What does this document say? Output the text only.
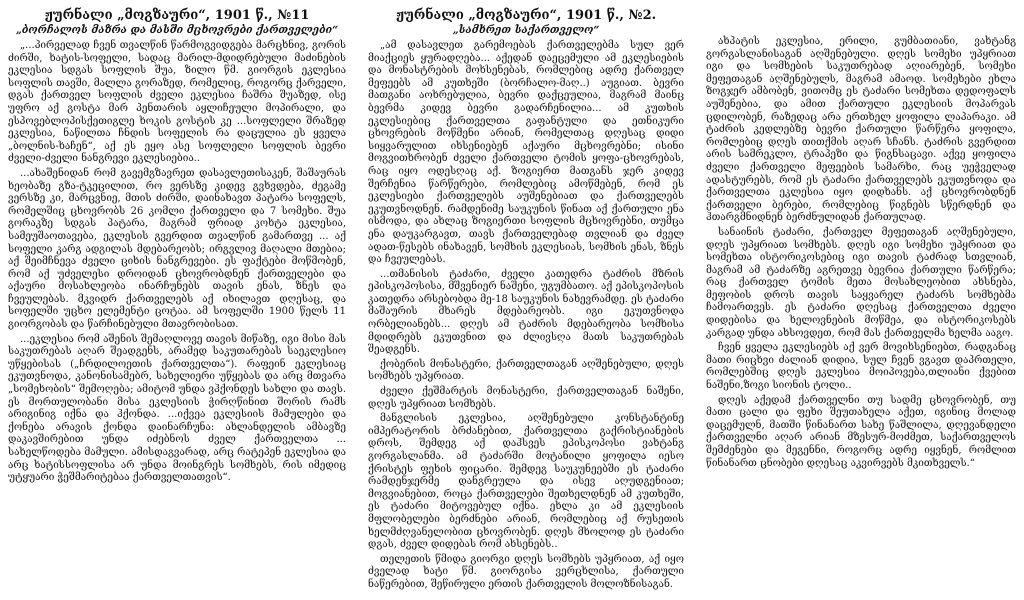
ჟურნალი „მოგზაური“, 1901 წ., №11
„ბორჩალოს მაზრა და მასში მცხოვრები ქართველები“

„...პირველად ჩვენ თვალწინ წარმოგვიდგება მარცხნივ, გორის ძირში, ხატის-სოფელი, სადაც მარილ-მდიდრებული მაძინების ეკლესია სდგას სოფლის შუა, ზილო წმ. გიორგის ეკლესია სოფლის თავში, მალლა გორაზედ, რომელიც, როგორც ქარველი, დგას ქართველ სოფლის ძველი ეკლესია ჩაშრა შუაზედ, ისე უფრო აქ გოსტა მარ პენთარის აყლიჩეული მოპირალი, და ესპოვებლოპისქეთიგლე ხოკის გოსტის კე ...სოფლელი შრაზედ ეკლესია, ნაწილთა ჩნდის სოფელის რა დაცულია ეს ყველა „ბოლნის-ხაჩენ“, აქ ეს ეყო ასე სოფლელი სოფლის ბევრი ძველი-ძველი ნანგრევი ეკლესიებია..

...ახაშენიდან რომ გავემგზავრეთ დასავლეთისაკენ, შაშაურას ხეობაზე გზა-ტკეცილით, რო ვერსზე კიდევ გვხვდება, ძეგამე ვერსზე კი, მარცვნიე, მთის ძირში, დაინახავთ პატარა სოფელს, რომელშიც ცხოვრობს 26 კომლი ქართველი და 7 სომეხი. შუა გორაკზე სდგას პატარა, მაგრამ ფრიად კოხტა ეკლესია, სამეუშაოთავება, ეკლესის გვერდით თვალწინ გამართვე ... აქ სოფელი კარგ ადგილას მდებარეობს; ირგვლივ მაღალი მთებია; აქ შეიმჩნევა ძველი ციხის ნანგრევები. ეს ფაქტები მოწმობენ, რომ აქ უძველესი დროიდან ცხოვრობდნენ ქართველები და აქაური მოსახლეობა ინარჩუნებს თავის ენას, ზნეს და ჩვეულებას. მკვიდრ ქართველებს აქ იხილავთ დღესაც, და სოფელში უცხო ელემენტი ცოტაა. ამ სოფელში 1900 წელს 11 გიორგობას და წარჩინებული მთავრობისათ.

...ეკლესია რომ აშენის შემაღლოვე თავის მიწაზე, იგი მისი მას საკუთრებას აღარ შეადგენს, არამედ საკუთარებას საეკლესიო უწყებისას („ჩრდილოეთის ქართველთა“). რაფეინ ეკლესიაც ეკუთვნოდა, კანონისამებრ, სახელიერი უწყებას და არც მთვარა „სომეხობის“ შემოღება; ამიტომ უნდა ვჰქონდეს სახლი და თავს. ეს მორთულობანი მისა ეკლესიის ჭირღწინით შორის რამს არიგინიგ იქნა და ჰქონდა. ...იქვეა ეკლესიის მამულები და ქონება არავის ქონდა დაინარჩუნა: ახლანდელის ამბავზე დაკავშირებით უნდა იძებნოს ძველ ქართველთა ... სახელწოდება მამული. ამისდაგვარად, არც რატეპენ ეკლესია და არც ხატისსოფლისა არ უნდა მოინგრეს სომხებს, რის იმედიც უტყუარი ჭეშმარიტებაა ქართველთათვის“.

ჟურნალი „მოგზაური“, 1901 წ., №2.
„სამხრეთ საქართველო“

„ამ დასავლეთ გარემოებას ქართველებმა სულ ვერ მიაქციეს ყურადღება... აქედან დაეცემული ამ ეკლესიების და მონასტრების მოხსენებას, რომლებიც ადრე ქართველ მეფეებს ამ კუთხეში (ბორჩალო-მაღ..) აუგიათ. ბევრი მათგანი აოხრებულია, ბევრი დაქცეულია, მაგრამ მაინც ბევრმა კიდევ ბევრი გადარჩენილია... ამ კუთხის ეკლესიებიც ქართველთა გაფანტული და ეთნიკური ცხოვრების მოწმენი არიან, რომელთაც დღესაც დიდი სიყვარულით იხსენიებენ აქაური მცხოვრებნი; ისინი მოგვითხრობენ ძველი ქართველი ტომის ყოფა-ცხოვრებას, რაც იყო ოდესღაც აქ. ზოგიერთ მათგანს ჯერ კიდევ შერჩენია წარწერები, რომლებიც ამოწმებენ, რომ ეს ეკლესიები ქართველებს აუშენებიათ და ქართველებს ეკუთვნოდნენ. რამდენიმე საუკუნის წინათ აქ ქართული ენა ისმოდა, და ახლაც ზოგიერთი სოფლის მცხოვრებნი, თუმცა ენა დაუკარგავთ, თავს ქართველებად თვლიან და ძველ ადათ-წესებს ინახავენ, სომხის ეკლესიას, სომხის ენას, ზნეს და ჩვეულებას.

...თმანისის ტაძარი, ძველი კათედრა ტაძრის მზრის ეპისკოპოსისა, მშვენიერ ნაშენი, უგუმბათო. აქ ეპისკოპოსის კათედრა არსებობდა მე-18 საუკუნის ნახევრამდე. ეს ტაძარი მაშაურის მხარეს მდებარეობს. იგი ეკუთვნოდა ორბელიანებს... დღეს ამ ტაძრის მდებარეობა სომხისა მდიდრებს ეკუთვნით და ძლივსღა მათს საკუთრებას შეადგენს.

ქობერის მონასტერი, ქართველთაგან აღშენებული, დღეს სომხებს უპყრიათ.

ძველი ქეშმარტის მონასტერი, ქართველთაგან ნაშენი, დღეს უპყრიათ სომხებს.

მანგლისის ეკლესია, აღშენებული კონსტანტინე იმპერატორის ბრძანებით, ქართველთა გაქრისტიანების დროს, შემდეგ აქ დაჰსვეს ეპისკოპოსი ვახტანგ გორგასლანმა. ამ ტაძარში მოტანილი ყოფილა იესო ქრისტეს ფეხის ფიცარი. შემდეგ საუკუნეებში ეს ტაძარი რამდენჯერმე დანგრეულა და ისევ აღუდგენიათ; მოგვიანებით, როცა ქართველები შეთხელდნენ ამ კუთხეში, ეს ტაძარი მიტოვებულ იქნა. ეხლა კი ამ ეკლესიის მფლობელები ბერძნები არიან, რომლებიც აქ რუსეთის ხელმძღვანელობით ცხოვრობენ. დღეს მხოლოდ ეს ტაძარი დგას, ძველ დიდებას რომ ახსენებს..

თელეთის წმიდა გიორგი დღეს სომხებს უპყრიათ, აქ იყო ძველად ხატი წმ. გიორგისა ვერცხლისა, ქართული ნაწერებით, შეწირული ერთის ქართველის მოლოზნისაგან.

ახპატის ეკლესია, ერილი, გუმბათიანი, ვახტანგ გორგასლანისაგან აღშენებული. დღეს სომეხი უპყრიათ იგი და სომხების საკუთრებად აღიარებენ, სომეხი მეფეთაგან აღშენებულს, მაგრამ ამაოდ. სომეხები ეხლა ზოგჯერ ამბობენ, ვითომც ეს ტაძარი სომეხთა დედოფალს აუშენებია, და ამით ქართული ეკლესიის მოპარვას ცდილობენ, რაზედაც არა ერთხელ ყოფილა ლაპარაკი. ამ ტაძრის კედლებზე ბევრი ქართული წარწერა ყოფილა, რომლებიც დღეს თითქმის აღარ სჩანს. ტაძრის გვერდით არის სამრეკლო, ტრაპეზი და წიგნსაცავი. აქვე ყოფილა ძველი ქართველი მეფეების სამარხი, რაც უეჭველად ადასტურებს, რომ ეს ტაძარი ქართველებს ეკუთვნოდა და ქართველთა ეკლესია იყო დიდხანს. აქ ცხოვრობდნენ ქართველი ბერები, რომლებიც წიგნებს სწერდნენ და ჰთარგმნიდნენ ბერძნულიდან ქართულად.

სანაინის ტაძარი, ქართველ მეფეთაგან აღშენებული, დღეს უპყრიათ სომხებს. დღეს იგი სომეხი უპყრიათ და სომეხთა ისტორიკოსებიც იგი თავის ტაძრად სთვლიან, მაგრამ ამ ტაძარზე აგრეთვე ბევრია ქართული წარწერა; რაც ქართველ ტომის მეთა მოსახლეობით ახსნება, მეფობის დროს თავის საყვარელ ტაძარს სომხებმა ჩამოართვეს. ეს ტაძარი დღესაც ქართველთა ძველი დიდებისა და ხელოვნების მოწმეა, და ისტორიკოსებს კარგად უნდა ახსოვდეთ, რომ მას ქართველმა ხელმა ააგო.

ჩვენ ყველა ეკლესიებს აქ ვერ მოვიხსენიებთ, რადგანაც მათი რიცხვი ძალიან დიდია, სულ ჩვენ ვგავთ დაპრთელი, რომლებშიც დღეს ეკლესია მოიპოვება,თლიანი ქვებით ნაშენი,ზოგი სიონის ტოლი..

დღეს აქედამ ქართველნი თუ სადმე ცხოვრობენ, თუ მათი ცალი და ფეხი შეუთახელა აქეთ, იგინიც მოლად დაცემულნ, მათში წინანართ სახე წაშლილა, დღევანდელი ქართველნი აღარ არიან მზესურ-მოძმეთ, საქართველოს შემძენები და მეგენნი, როგორც ადრე იყვნენ, რომლით წინანართ ცნობები დღესაც აკვირვებს მკითხველს.“
